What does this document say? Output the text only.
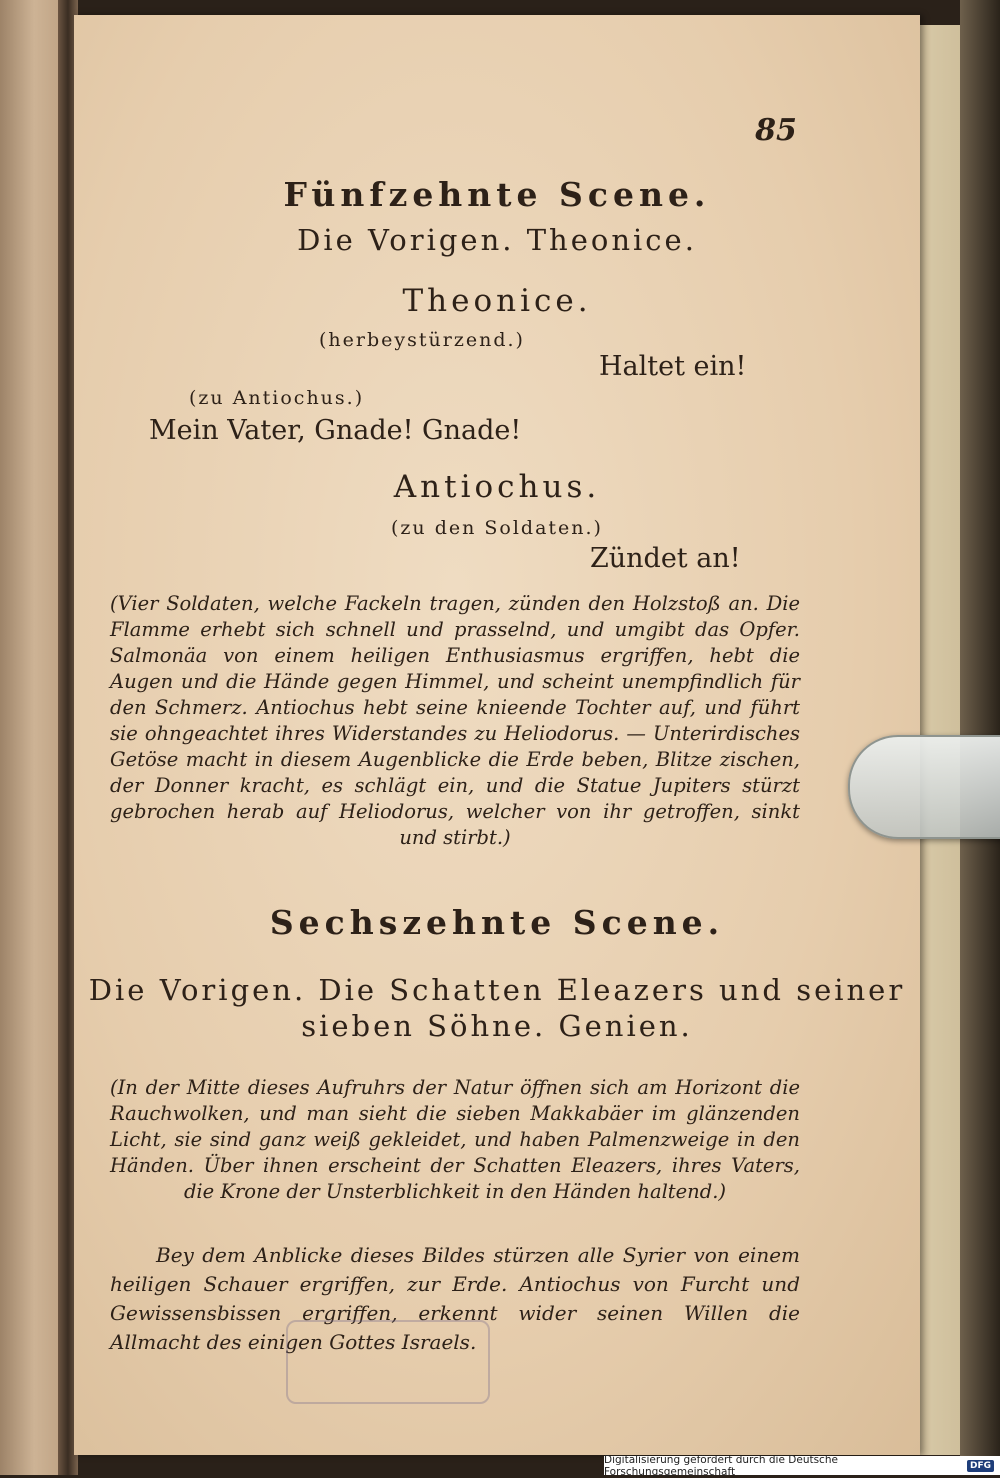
85
Fünfzehnte Scene.
Die Vorigen. Theonice.
Theonice.
(herbeystürzend.)
Haltet ein!
(zu Antiochus.)
Mein Vater, Gnade! Gnade!
Antiochus.
(zu den Soldaten.)
Zündet an!
(Vier Soldaten, welche Fackeln tragen, zünden den Holzstoß an. Die Flamme erhebt sich schnell und prasselnd, und umgibt das Opfer. Salmonäa von einem heiligen Enthusiasmus ergriffen, hebt die Augen und die Hände gegen Himmel, und scheint unempfindlich für den Schmerz. Antiochus hebt seine knieende Tochter auf, und führt sie ohngeachtet ihres Widerstandes zu Heliodorus. — Unterirdisches Getöse macht in diesem Augenblicke die Erde beben, Blitze zischen, der Donner kracht, es schlägt ein, und die Statue Jupiters stürzt gebrochen herab auf Heliodorus, welcher von ihr getroffen, sinkt und stirbt.)
Sechszehnte Scene.
Die Vorigen. Die Schatten Eleazers und seiner
sieben Söhne. Genien.
(In der Mitte dieses Aufruhrs der Natur öffnen sich am Horizont die Rauchwolken, und man sieht die sieben Makkabäer im glänzenden Licht, sie sind ganz weiß gekleidet, und haben Palmenzweige in den Händen. Über ihnen erscheint der Schatten Eleazers, ihres Vaters, die Krone der Unsterblichkeit in den Händen haltend.)
Bey dem Anblicke dieses Bildes stürzen alle Syrier von einem heiligen Schauer ergriffen, zur Erde. Antiochus von Furcht und Gewissensbissen ergriffen, erkennt wider seinen Willen die Allmacht des einigen Gottes Israels.
Digitalisierung gefördert durch die Deutsche Forschungsgemeinschaft	DFG
